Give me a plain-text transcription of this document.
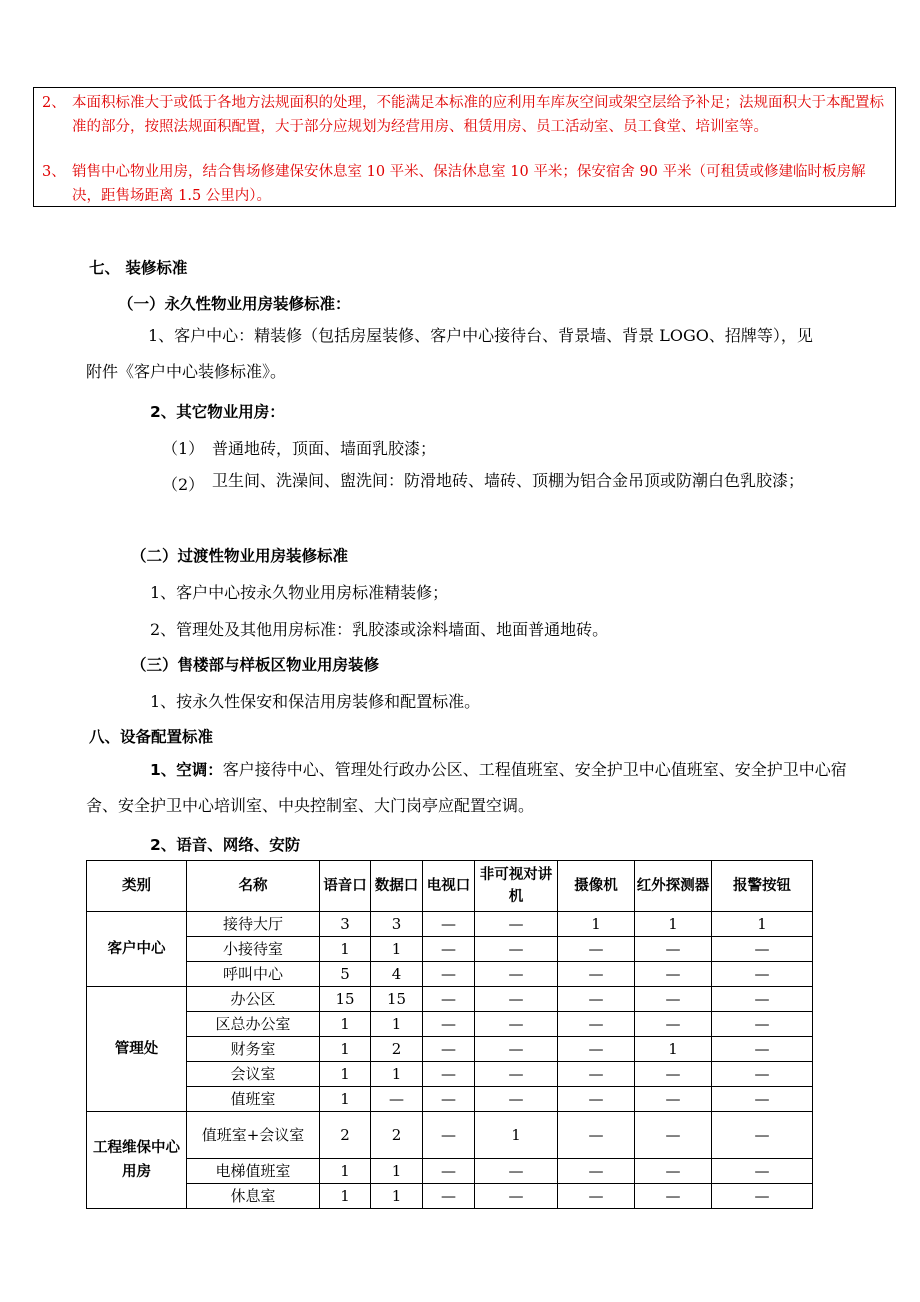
2、 本面积标准大于或低于各地方法规面积的处理，不能满足本标准的应利用车库灰空间或架空层给予补足；法规面积大于本配置标准的部分，按照法规面积配置，大于部分应规划为经营用房、租赁用房、员工活动室、员工食堂、培训室等。
3、 销售中心物业用房，结合售场修建保安休息室 10 平米、保洁休息室 10 平米；保安宿舍 90 平米（可租赁或修建临时板房解决，距售场距离 1.5 公里内）。
七、 装修标准
（一）永久性物业用房装修标准：
1、客户中心：精装修（包括房屋装修、客户中心接待台、背景墙、背景 LOGO、招牌等），见附件《客户中心装修标准》。
2、其它物业用房：
（1） 普通地砖，顶面、墙面乳胶漆；
（2） 卫生间、洗澡间、盥洗间：防滑地砖、墙砖、顶棚为铝合金吊顶或防潮白色乳胶漆；
（二）过渡性物业用房装修标准
1、客户中心按永久物业用房标准精装修；
2、管理处及其他用房标准：乳胶漆或涂料墙面、地面普通地砖。
（三）售楼部与样板区物业用房装修
1、按永久性保安和保洁用房装修和配置标准。
八、设备配置标准
1、空调：客户接待中心、管理处行政办公区、工程值班室、安全护卫中心值班室、安全护卫中心宿舍、安全护卫中心培训室、中央控制室、大门岗亭应配置空调。
2、语音、网络、安防
类别	名称	语音口	数据口	电视口	非可视对讲机	摄像机	红外探测器	报警按钮
客户中心	接待大厅	3	3	—	—	1	1	1
	小接待室	1	1	—	—	—	—	—
	呼叫中心	5	4	—	—	—	—	—
管理处	办公区	15	15	—	—	—	—	—
	区总办公室	1	1	—	—	—	—	—
	财务室	1	2	—	—	—	1	—
	会议室	1	1	—	—	—	—	—
	值班室	1	—	—	—	—	—	—
工程维保中心用房	值班室+会议室	2	2	—	1	—	—	—
	电梯值班室	1	1	—	—	—	—	—
	休息室	1	1	—	—	—	—	—
